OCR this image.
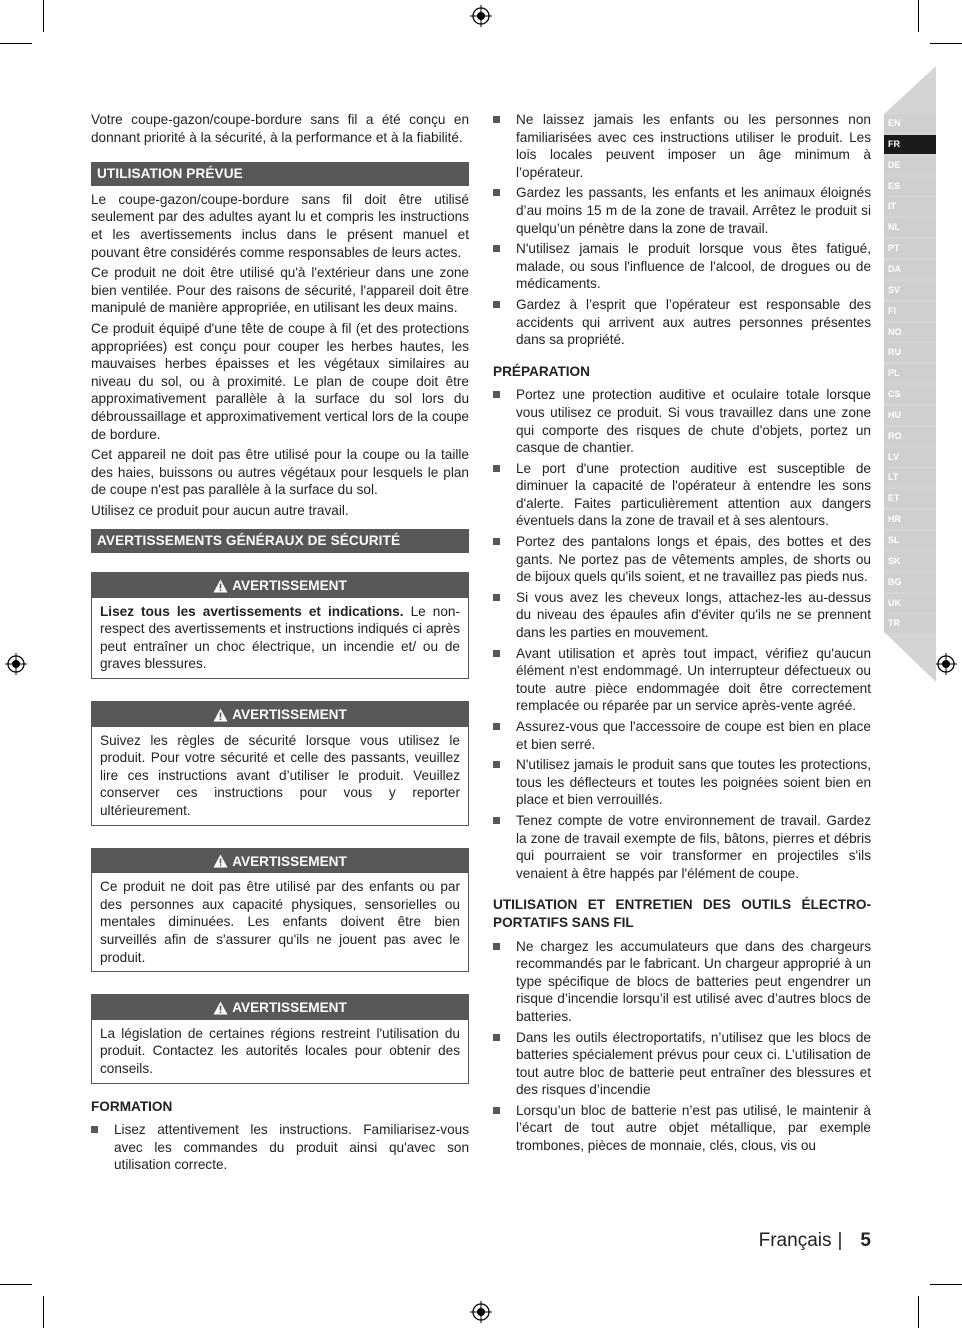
Votre coupe-gazon/coupe-bordure sans fil a été conçu en donnant priorité à la sécurité, à la performance et à la fiabilité.

UTILISATION PRÉVUE

Le coupe-gazon/coupe-bordure sans fil doit être utilisé seulement par des adultes ayant lu et compris les instructions et les avertissements inclus dans le présent manuel et pouvant être considérés comme responsables de leurs actes.

Ce produit ne doit être utilisé qu'à l'extérieur dans une zone bien ventilée. Pour des raisons de sécurité, l'appareil doit être manipulé de manière appropriée, en utilisant les deux mains.

Ce produit équipé d'une tête de coupe à fil (et des protections appropriées) est conçu pour couper les herbes hautes, les mauvaises herbes épaisses et les végétaux similaires au niveau du sol, ou à proximité. Le plan de coupe doit être approximativement parallèle à la surface du sol lors du débroussaillage et approximativement vertical lors de la coupe de bordure.

Cet appareil ne doit pas être utilisé pour la coupe ou la taille des haies, buissons ou autres végétaux pour lesquels le plan de coupe n'est pas parallèle à la surface du sol.

Utilisez ce produit pour aucun autre travail.

AVERTISSEMENTS GÉNÉRAUX DE SÉCURITÉ
AVERTISSEMENT
Lisez tous les avertissements et indications. Le non-respect des avertissements et instructions indiqués ci après peut entraîner un choc électrique, un incendie et/ ou de graves blessures.
AVERTISSEMENT
Suivez les règles de sécurité lorsque vous utilisez le produit. Pour votre sécurité et celle des passants, veuillez lire ces instructions avant d’utiliser le produit. Veuillez conserver ces instructions pour vous y reporter ultérieurement.
AVERTISSEMENT
Ce produit ne doit pas être utilisé par des enfants ou par des personnes aux capacité physiques, sensorielles ou mentales diminuées. Les enfants doivent être bien surveillés afin de s'assurer qu'ils ne jouent pas avec le produit.
AVERTISSEMENT
La législation de certaines régions restreint l'utilisation du produit. Contactez les autorités locales pour obtenir des conseils.
FORMATION
Lisez attentivement les instructions. Familiarisez-vous avec les commandes du produit ainsi qu'avec son utilisation correcte.
Ne laissez jamais les enfants ou les personnes non familiarisées avec ces instructions utiliser le produit. Les lois locales peuvent imposer un âge minimum à l’opérateur.
Gardez les passants, les enfants et les animaux éloignés d’au moins 15 m de la zone de travail. Arrêtez le produit si quelqu’un pénètre dans la zone de travail.
N'utilisez jamais le produit lorsque vous êtes fatigué, malade, ou sous l'influence de l'alcool, de drogues ou de médicaments.
Gardez à l’esprit que l’opérateur est responsable des accidents qui arrivent aux autres personnes présentes dans sa propriété.
PRÉPARATION
Portez une protection auditive et oculaire totale lorsque vous utilisez ce produit. Si vous travaillez dans une zone qui comporte des risques de chute d'objets, portez un casque de chantier.
Le port d'une protection auditive est susceptible de diminuer la capacité de l'opérateur à entendre les sons d'alerte. Faites particulièrement attention aux dangers éventuels dans la zone de travail et à ses alentours.
Portez des pantalons longs et épais, des bottes et des gants. Ne portez pas de vêtements amples, de shorts ou de bijoux quels qu'ils soient, et ne travaillez pas pieds nus.
Si vous avez les cheveux longs, attachez-les au-dessus du niveau des épaules afin d'éviter qu'ils ne se prennent dans les parties en mouvement.
Avant utilisation et après tout impact, vérifiez qu'aucun élément n'est endommagé. Un interrupteur défectueux ou toute autre pièce endommagée doit être correctement remplacée ou réparée par un service après-vente agréé.
Assurez-vous que l'accessoire de coupe est bien en place et bien serré.
N'utilisez jamais le produit sans que toutes les protections, tous les déflecteurs et toutes les poignées soient bien en place et bien verrouillés.
Tenez compte de votre environnement de travail. Gardez la zone de travail exempte de fils, bâtons, pierres et débris qui pourraient se voir transformer en projectiles s'ils venaient à être happés par l'élément de coupe.
UTILISATION ET ENTRETIEN DES OUTILS ÉLECTRO-PORTATIFS SANS FIL
Ne chargez les accumulateurs que dans des chargeurs recommandés par le fabricant. Un chargeur approprié à un type spécifique de blocs de batteries peut engendrer un risque d’incendie lorsqu’il est utilisé avec d’autres blocs de batteries.
Dans les outils électroportatifs, n’utilisez que les blocs de batteries spécialement prévus pour ceux ci. L’utilisation de tout autre bloc de batterie peut entraîner des blessures et des risques d’incendie
Lorsqu’un bloc de batterie n’est pas utilisé, le maintenir à l’écart de tout autre objet métallique, par exemple trombones, pièces de monnaie, clés, clous, vis ou
EN
FR
DE
ES
IT
NL
PT
DA
SV
FI
NO
RU
PL
CS
HU
RO
LV
LT
ET
HR
SL
SK
BG
UK
TR
Français | 5
